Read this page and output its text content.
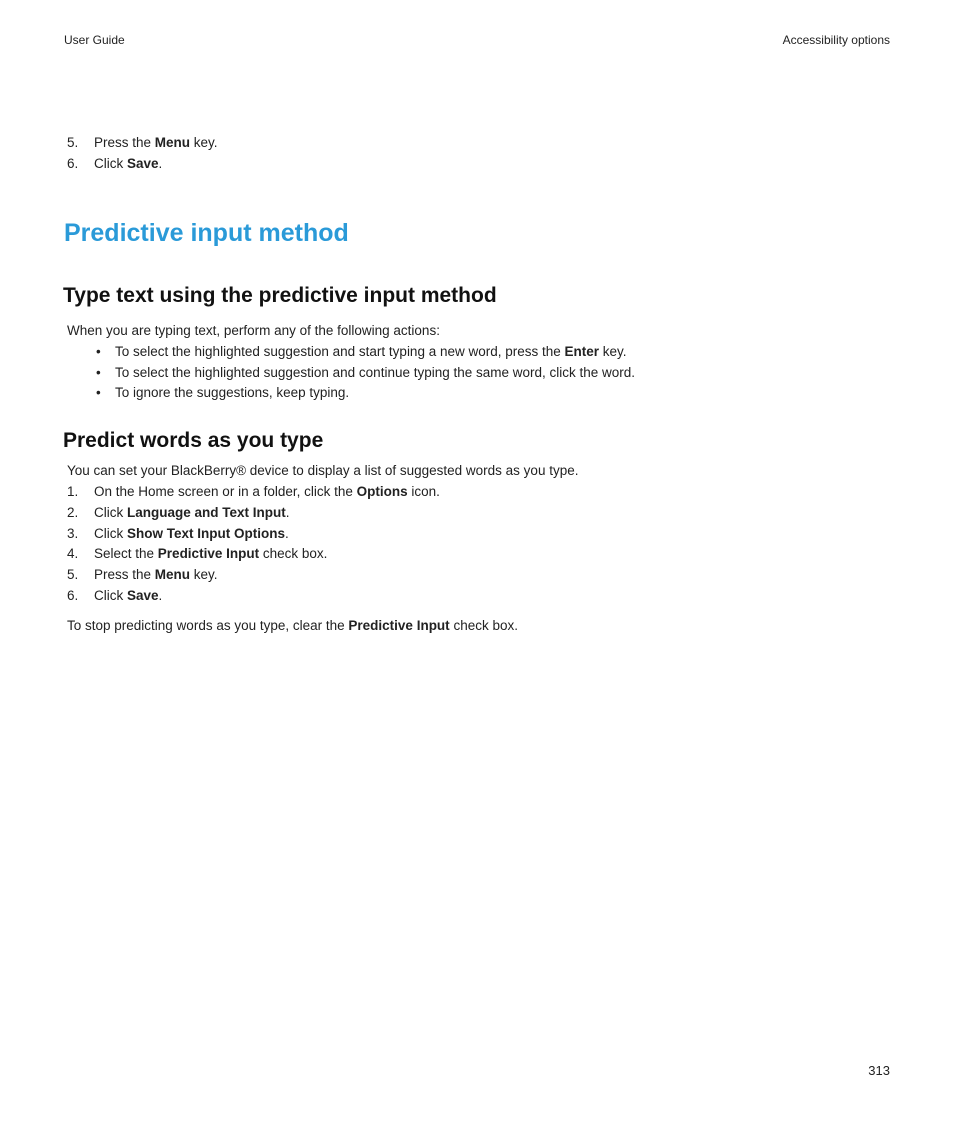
User Guide	Accessibility options
5. Press the Menu key.
6. Click Save.
Predictive input method
Type text using the predictive input method

When you are typing text, perform any of the following actions:

• To select the highlighted suggestion and start typing a new word, press the Enter key.
• To select the highlighted suggestion and continue typing the same word, click the word.
• To ignore the suggestions, keep typing.
Predict words as you type

You can set your BlackBerry® device to display a list of suggested words as you type.

1. On the Home screen or in a folder, click the Options icon.
2. Click Language and Text Input.
3. Click Show Text Input Options.
4. Select the Predictive Input check box.
5. Press the Menu key.
6. Click Save.

To stop predicting words as you type, clear the Predictive Input check box.

313
